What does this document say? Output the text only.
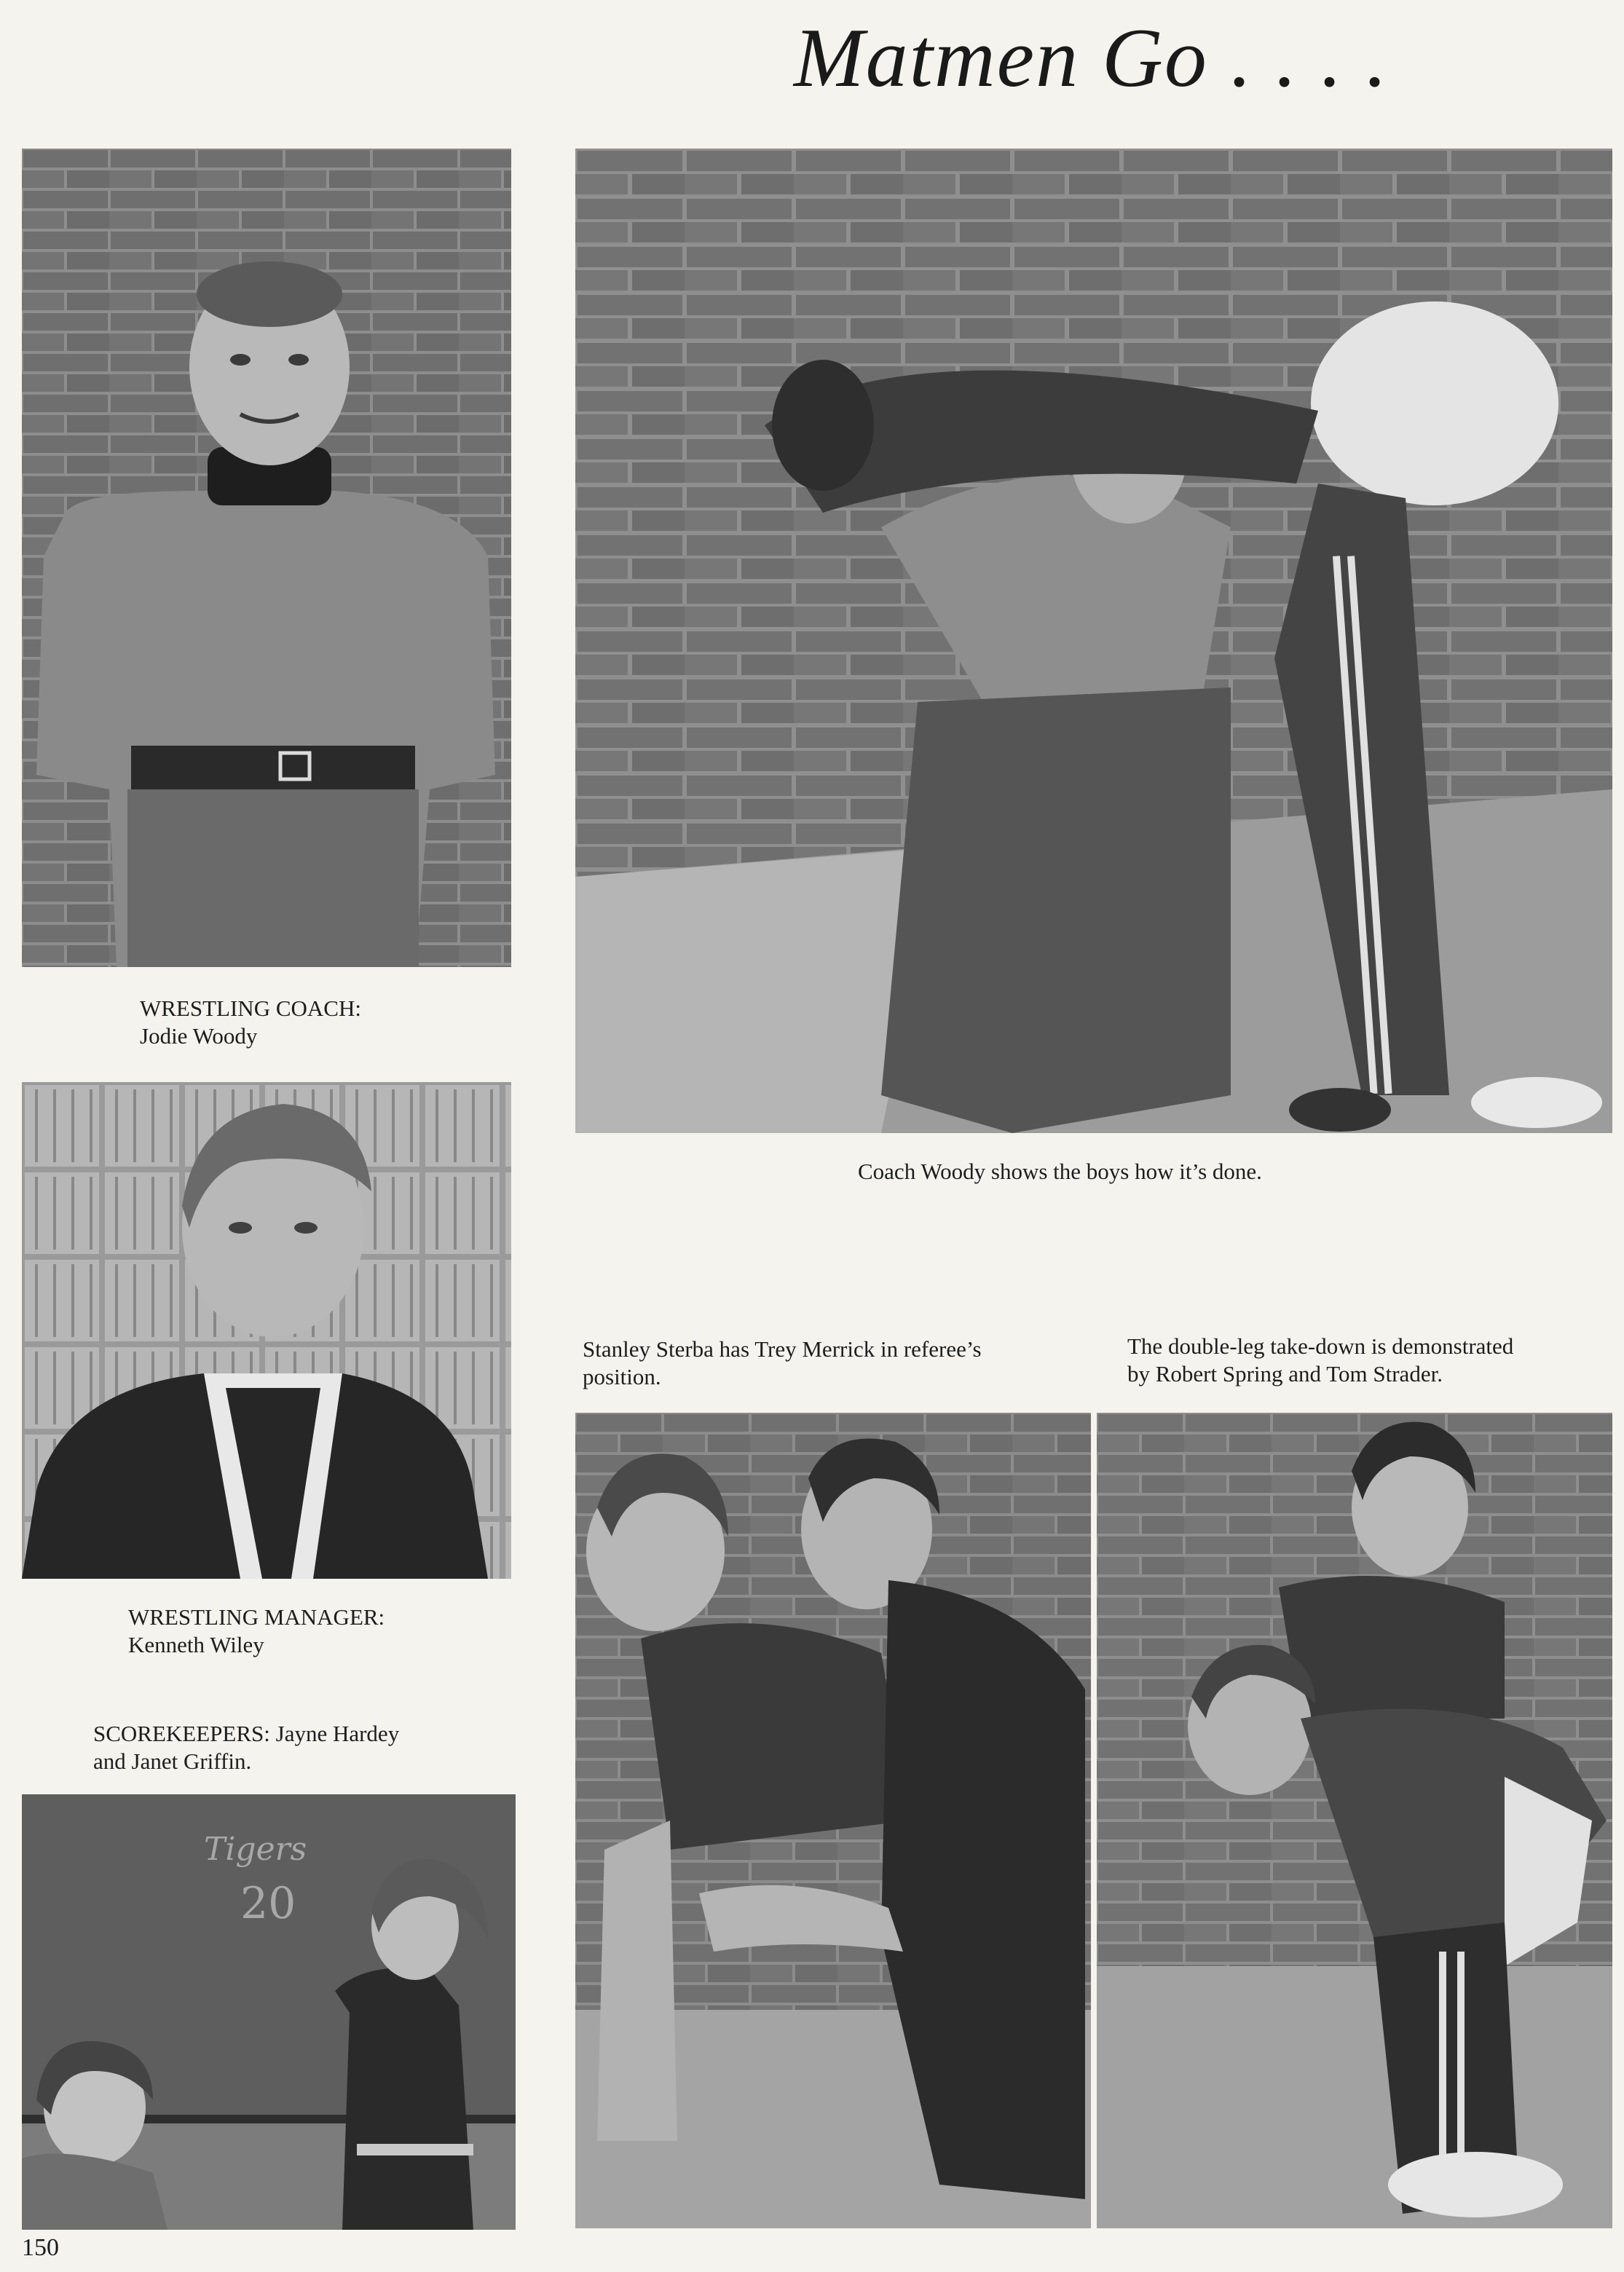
Matmen Go . . . .
WRESTLING COACH:
Jodie Woody
Coach Woody shows the boys how it’s done.
WRESTLING MANAGER:
Kenneth Wiley
SCOREKEEPERS: Jayne Hardey
and Janet Griffin.
Tigers
20
Stanley Sterba has Trey Merrick in referee’s
position.
The double-leg take-down is demonstrated
by Robert Spring and Tom Strader.
150
